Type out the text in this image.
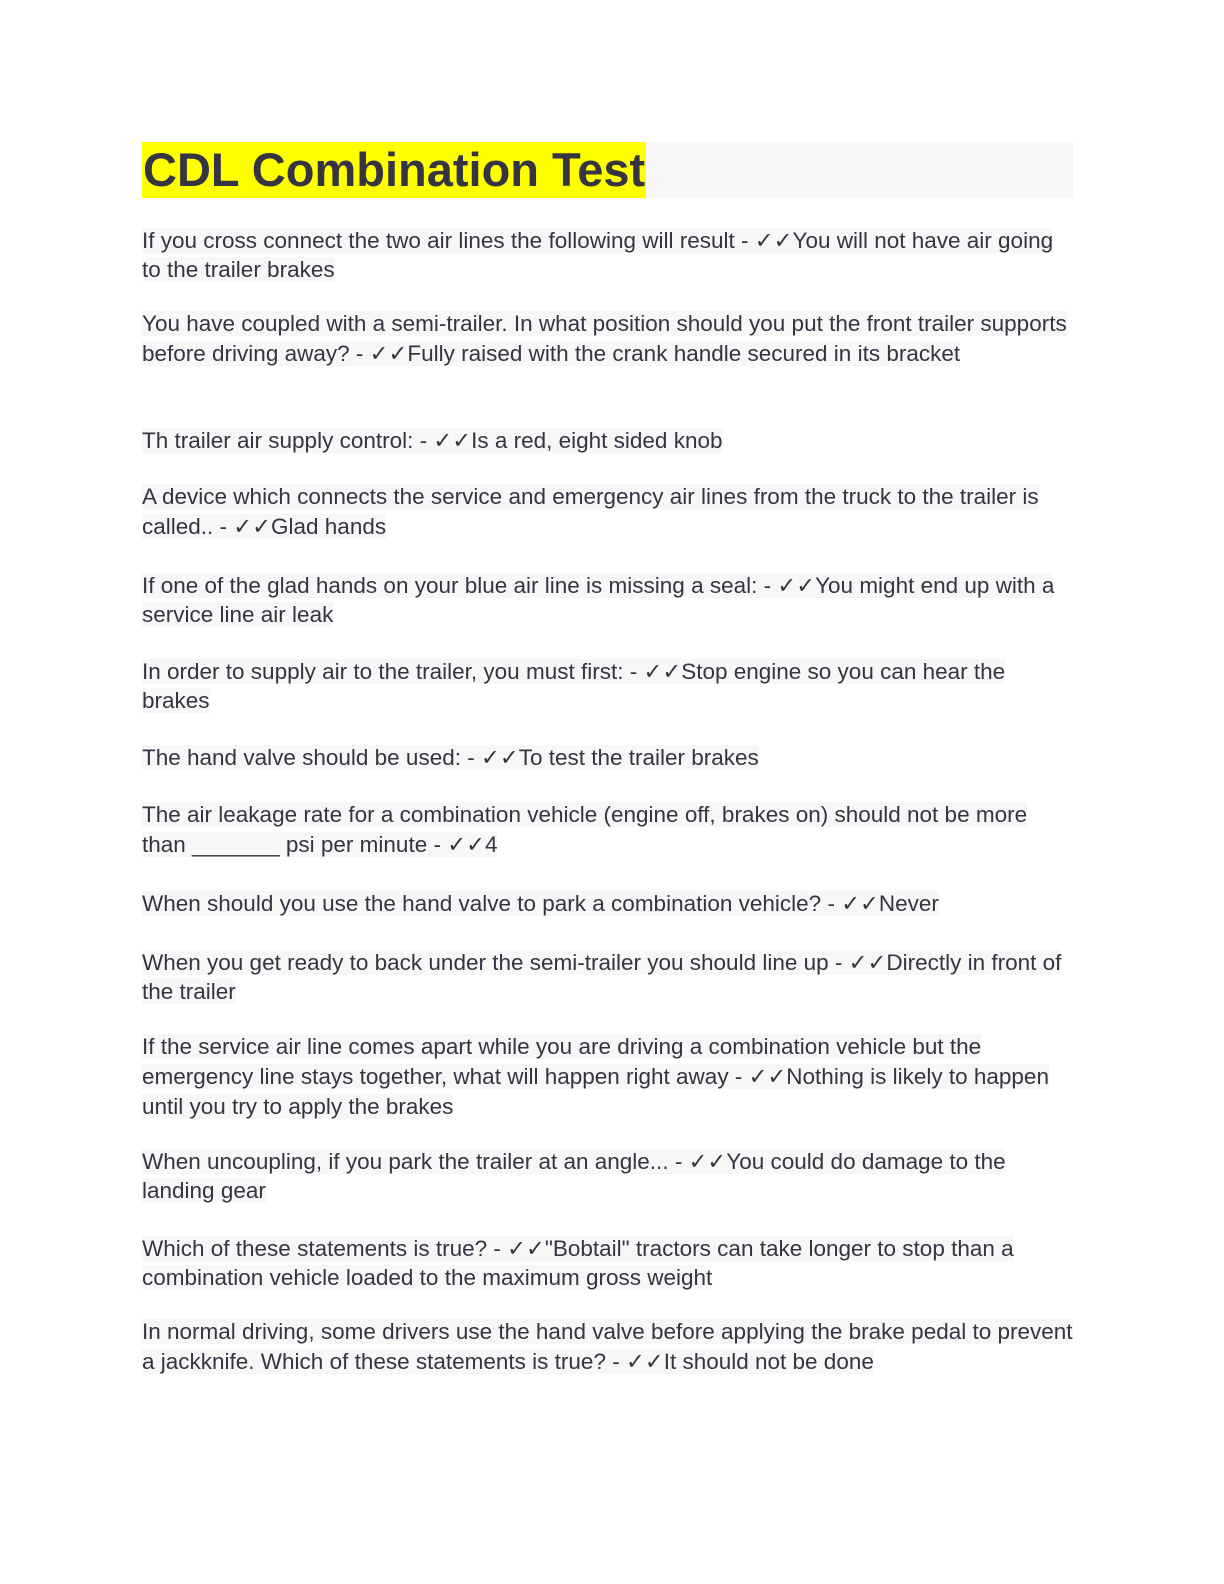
CDL Combination Test

If you cross connect the two air lines the following will result - ✓✓You will not have air going to the trailer brakes

You have coupled with a semi-trailer. In what position should you put the front trailer supports before driving away? - ✓✓Fully raised with the crank handle secured in its bracket

Th trailer air supply control: - ✓✓Is a red, eight sided knob

A device which connects the service and emergency air lines from the truck to the trailer is called.. - ✓✓Glad hands

If one of the glad hands on your blue air line is missing a seal: - ✓✓You might end up with a service line air leak

In order to supply air to the trailer, you must first: - ✓✓Stop engine so you can hear the brakes

The hand valve should be used: - ✓✓To test the trailer brakes

The air leakage rate for a combination vehicle (engine off, brakes on) should not be more than _______ psi per minute - ✓✓4

When should you use the hand valve to park a combination vehicle? - ✓✓Never

When you get ready to back under the semi-trailer you should line up - ✓✓Directly in front of the trailer

If the service air line comes apart while you are driving a combination vehicle but the emergency line stays together, what will happen right away - ✓✓Nothing is likely to happen until you try to apply the brakes

When uncoupling, if you park the trailer at an angle... - ✓✓You could do damage to the landing gear

Which of these statements is true? - ✓✓"Bobtail" tractors can take longer to stop than a combination vehicle loaded to the maximum gross weight

In normal driving, some drivers use the hand valve before applying the brake pedal to prevent a jackknife. Which of these statements is true? - ✓✓It should not be done
